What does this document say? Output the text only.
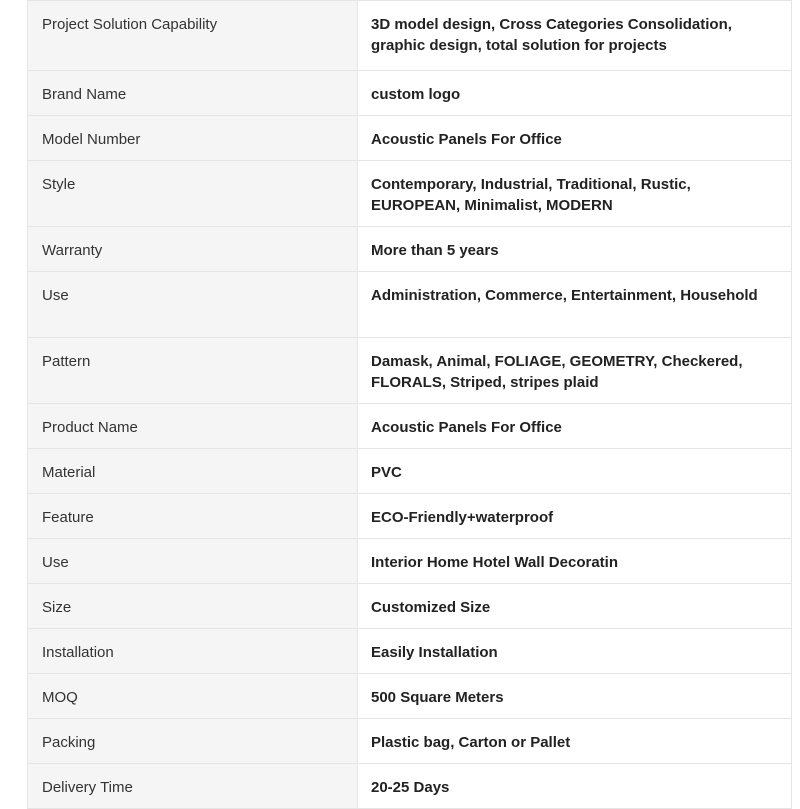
Project Solution Capability	3D model design, Cross Categories Consolidation, graphic design, total solution for projects
Brand Name	custom logo
Model Number	Acoustic Panels For Office
Style	Contemporary, Industrial, Traditional, Rustic, EUROPEAN, Minimalist, MODERN
Warranty	More than 5 years
Use	Administration, Commerce, Entertainment, Household
Pattern	Damask, Animal, FOLIAGE, GEOMETRY, Checkered, FLORALS, Striped, stripes plaid
Product Name	Acoustic Panels For Office
Material	PVC
Feature	ECO-Friendly+waterproof
Use	Interior Home Hotel Wall Decoratin
Size	Customized Size
Installation	Easily Installation
MOQ	500 Square Meters
Packing	Plastic bag, Carton or Pallet
Delivery Time	20-25 Days
